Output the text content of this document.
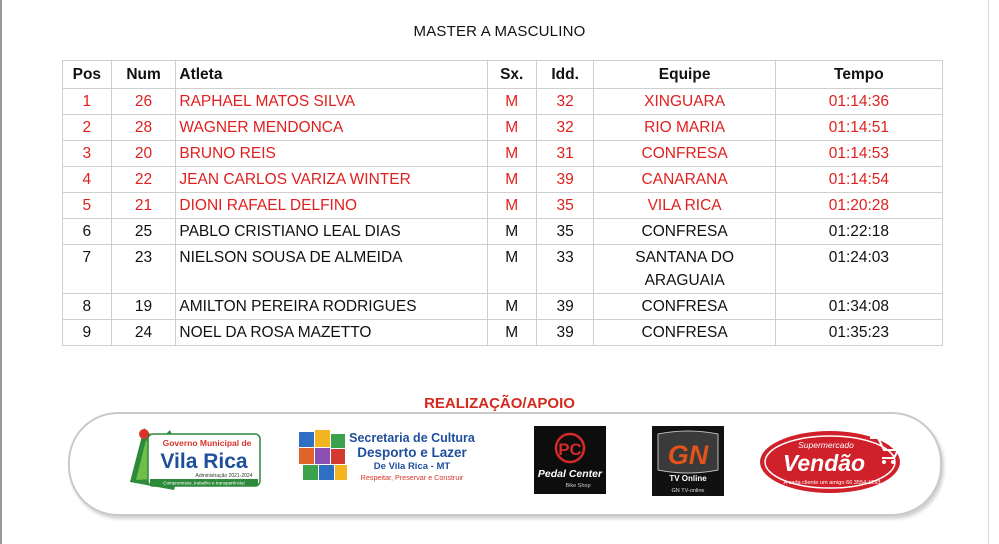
MASTER A MASCULINO
Pos	Num	Atleta	Sx.	Idd.	Equipe	Tempo
1	26	RAPHAEL MATOS SILVA	M	32	XINGUARA	01:14:36
2	28	WAGNER MENDONCA	M	32	RIO MARIA	01:14:51
3	20	BRUNO REIS	M	31	CONFRESA	01:14:53
4	22	JEAN CARLOS VARIZA WINTER	M	39	CANARANA	01:14:54
5	21	DIONI RAFAEL DELFINO	M	35	VILA RICA	01:20:28
6	25	PABLO CRISTIANO LEAL DIAS	M	35	CONFRESA	01:22:18
7	23	NIELSON SOUSA DE ALMEIDA	M	33	SANTANA DO ARAGUAIA	01:24:03
8	19	AMILTON PEREIRA RODRIGUES	M	39	CONFRESA	01:34:08
9	24	NOEL DA ROSA MAZETTO	M	39	CONFRESA	01:35:23
REALIZAÇÃO/APOIO
Governo Municipal de
Vila Rica
Administração 2021-2024
Compromisso, trabalho e transparência!
Secretaria de Cultura
Desporto e Lazer
De Vila Rica - MT
Respeitar, Preservar e Construir
PC
Pedal Center
Bike Shop
GN
TV Online
GN TV-online
Supermercado
Vendão
A cada cliente um amigo 66 3554-1293
